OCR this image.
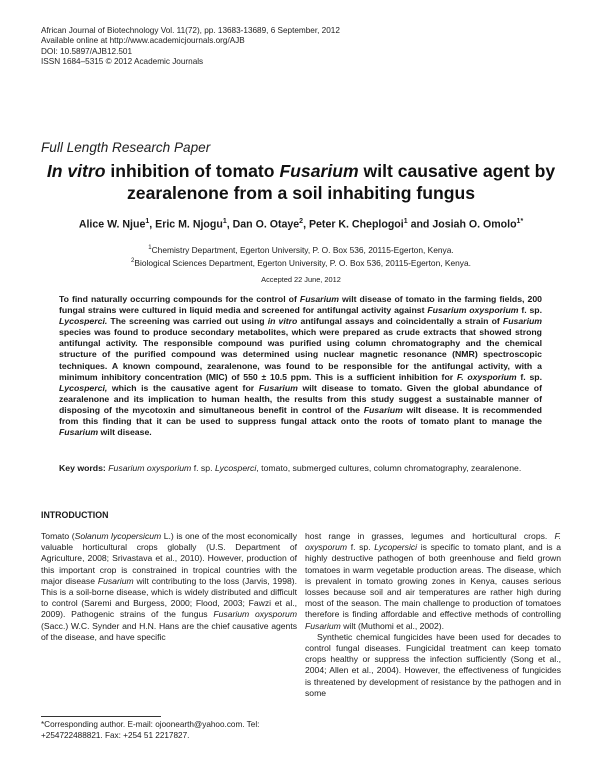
African Journal of Biotechnology Vol. 11(72), pp. 13683-13689, 6 September, 2012
Available online at http://www.academicjournals.org/AJB
DOI: 10.5897/AJB12.501
ISSN 1684–5315 © 2012 Academic Journals
Full Length Research Paper
In vitro inhibition of tomato Fusarium wilt causative agent by zearalenone from a soil inhabiting fungus
Alice W. Njue$^1$, Eric M. Njogu$^1$, Dan O. Otaye$^2$, Peter K. Cheplogoi$^1$ and Josiah O. Omolo$^{1*}$
$^1$Chemistry Department, Egerton University, P. O. Box 536, 20115-Egerton, Kenya.
$^2$Biological Sciences Department, Egerton University, P. O. Box 536, 20115-Egerton, Kenya.
Accepted 22 June, 2012
To find naturally occurring compounds for the control of Fusarium wilt disease of tomato in the farming fields, 200 fungal strains were cultured in liquid media and screened for antifungal activity against Fusarium oxysporium f. sp. Lycosperci. The screening was carried out using in vitro antifungal assays and coincidentally a strain of Fusarium species was found to produce secondary metabolites, which were prepared as crude extracts that showed strong antifungal activity. The responsible compound was purified using column chromatography and the chemical structure of the purified compound was determined using nuclear magnetic resonance (NMR) spectroscopic techniques. A known compound, zearalenone, was found to be responsible for the antifungal activity, with a minimum inhibitory concentration (MIC) of 550 ± 10.5 ppm. This is a sufficient inhibition for F. oxysporium f. sp. Lycosperci, which is the causative agent for Fusarium wilt disease to tomato. Given the global abundance of zearalenone and its implication to human health, the results from this study suggest a sustainable manner of disposing of the mycotoxin and simultaneous benefit in control of the Fusarium wilt disease. It is recommended from this finding that it can be used to suppress fungal attack onto the roots of tomato plant to manage the Fusarium wilt disease.
Key words: Fusarium oxysporium f. sp. Lycosperci, tomato, submerged cultures, column chromatography, zearalenone.
INTRODUCTION

Tomato (Solanum lycopersicum L.) is one of the most economically valuable horticultural crops globally (U.S. Department of Agriculture, 2008; Srivastava et al., 2010). However, production of this important crop is constrained in tropical countries with the major disease Fusarium wilt contributing to the loss (Jarvis, 1998). This is a soil-borne disease, which is widely distributed and difficult to control (Saremi and Burgess, 2000; Flood, 2003; Fawzi et al., 2009). Pathogenic strains of the fungus Fusarium oxysporum (Sacc.) W.C. Synder and H.N. Hans are the chief causative agents of the disease, and have specific

host range in grasses, legumes and horticultural crops. F. oxysporum f. sp. Lycopersici is specific to tomato plant, and is a highly destructive pathogen of both greenhouse and field grown tomatoes in warm vegetable production areas. The disease, which is prevalent in tomato growing zones in Kenya, causes serious losses because soil and air temperatures are rather high during most of the season. The main challenge to production of tomatoes therefore is finding affordable and effective methods of controlling Fusarium wilt (Muthomi et al., 2002).

Synthetic chemical fungicides have been used for decades to control fungal diseases. Fungicidal treatment can keep tomato crops healthy or suppress the infection sufficiently (Song et al., 2004; Allen et al., 2004). However, the effectiveness of fungicides is threatened by development of resistance by the pathogen and in some

*Corresponding author. E-mail: ojoonearth@yahoo.com. Tel: +254722488821. Fax: +254 51 2217827.
